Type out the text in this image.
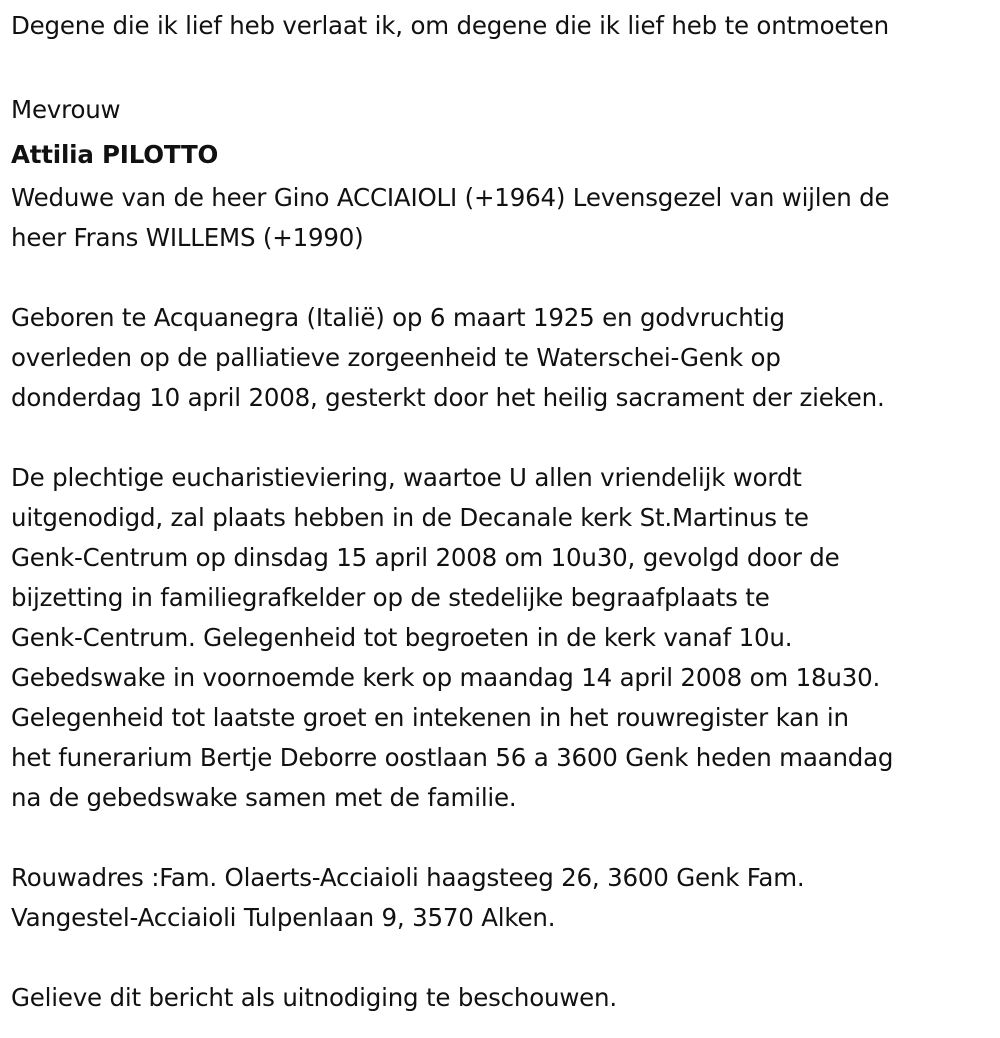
Degene die ik lief heb verlaat ik, om degene die ik lief heb te ontmoeten

Mevrouw

Attilia PILOTTO

Weduwe van de heer Gino ACCIAIOLI (+1964) Levensgezel van wijlen de

heer Frans WILLEMS (+1990)

Geboren te Acquanegra (Italië) op 6 maart 1925 en godvruchtig

overleden op de palliatieve zorgeenheid te Waterschei-Genk op

donderdag 10 april 2008, gesterkt door het heilig sacrament der zieken.

De plechtige eucharistieviering, waartoe U allen vriendelijk wordt

uitgenodigd, zal plaats hebben in de Decanale kerk St.Martinus te

Genk-Centrum op dinsdag 15 april 2008 om 10u30, gevolgd door de

bijzetting in familiegrafkelder op de stedelijke begraafplaats te

Genk-Centrum. Gelegenheid tot begroeten in de kerk vanaf 10u.

Gebedswake in voornoemde kerk op maandag 14 april 2008 om 18u30.

Gelegenheid tot laatste groet en intekenen in het rouwregister kan in

het funerarium Bertje Deborre oostlaan 56 a 3600 Genk heden maandag

na de gebedswake samen met de familie.

Rouwadres :Fam. Olaerts-Acciaioli haagsteeg 26, 3600 Genk Fam.

Vangestel-Acciaioli Tulpenlaan 9, 3570 Alken.

Gelieve dit bericht als uitnodiging te beschouwen.
